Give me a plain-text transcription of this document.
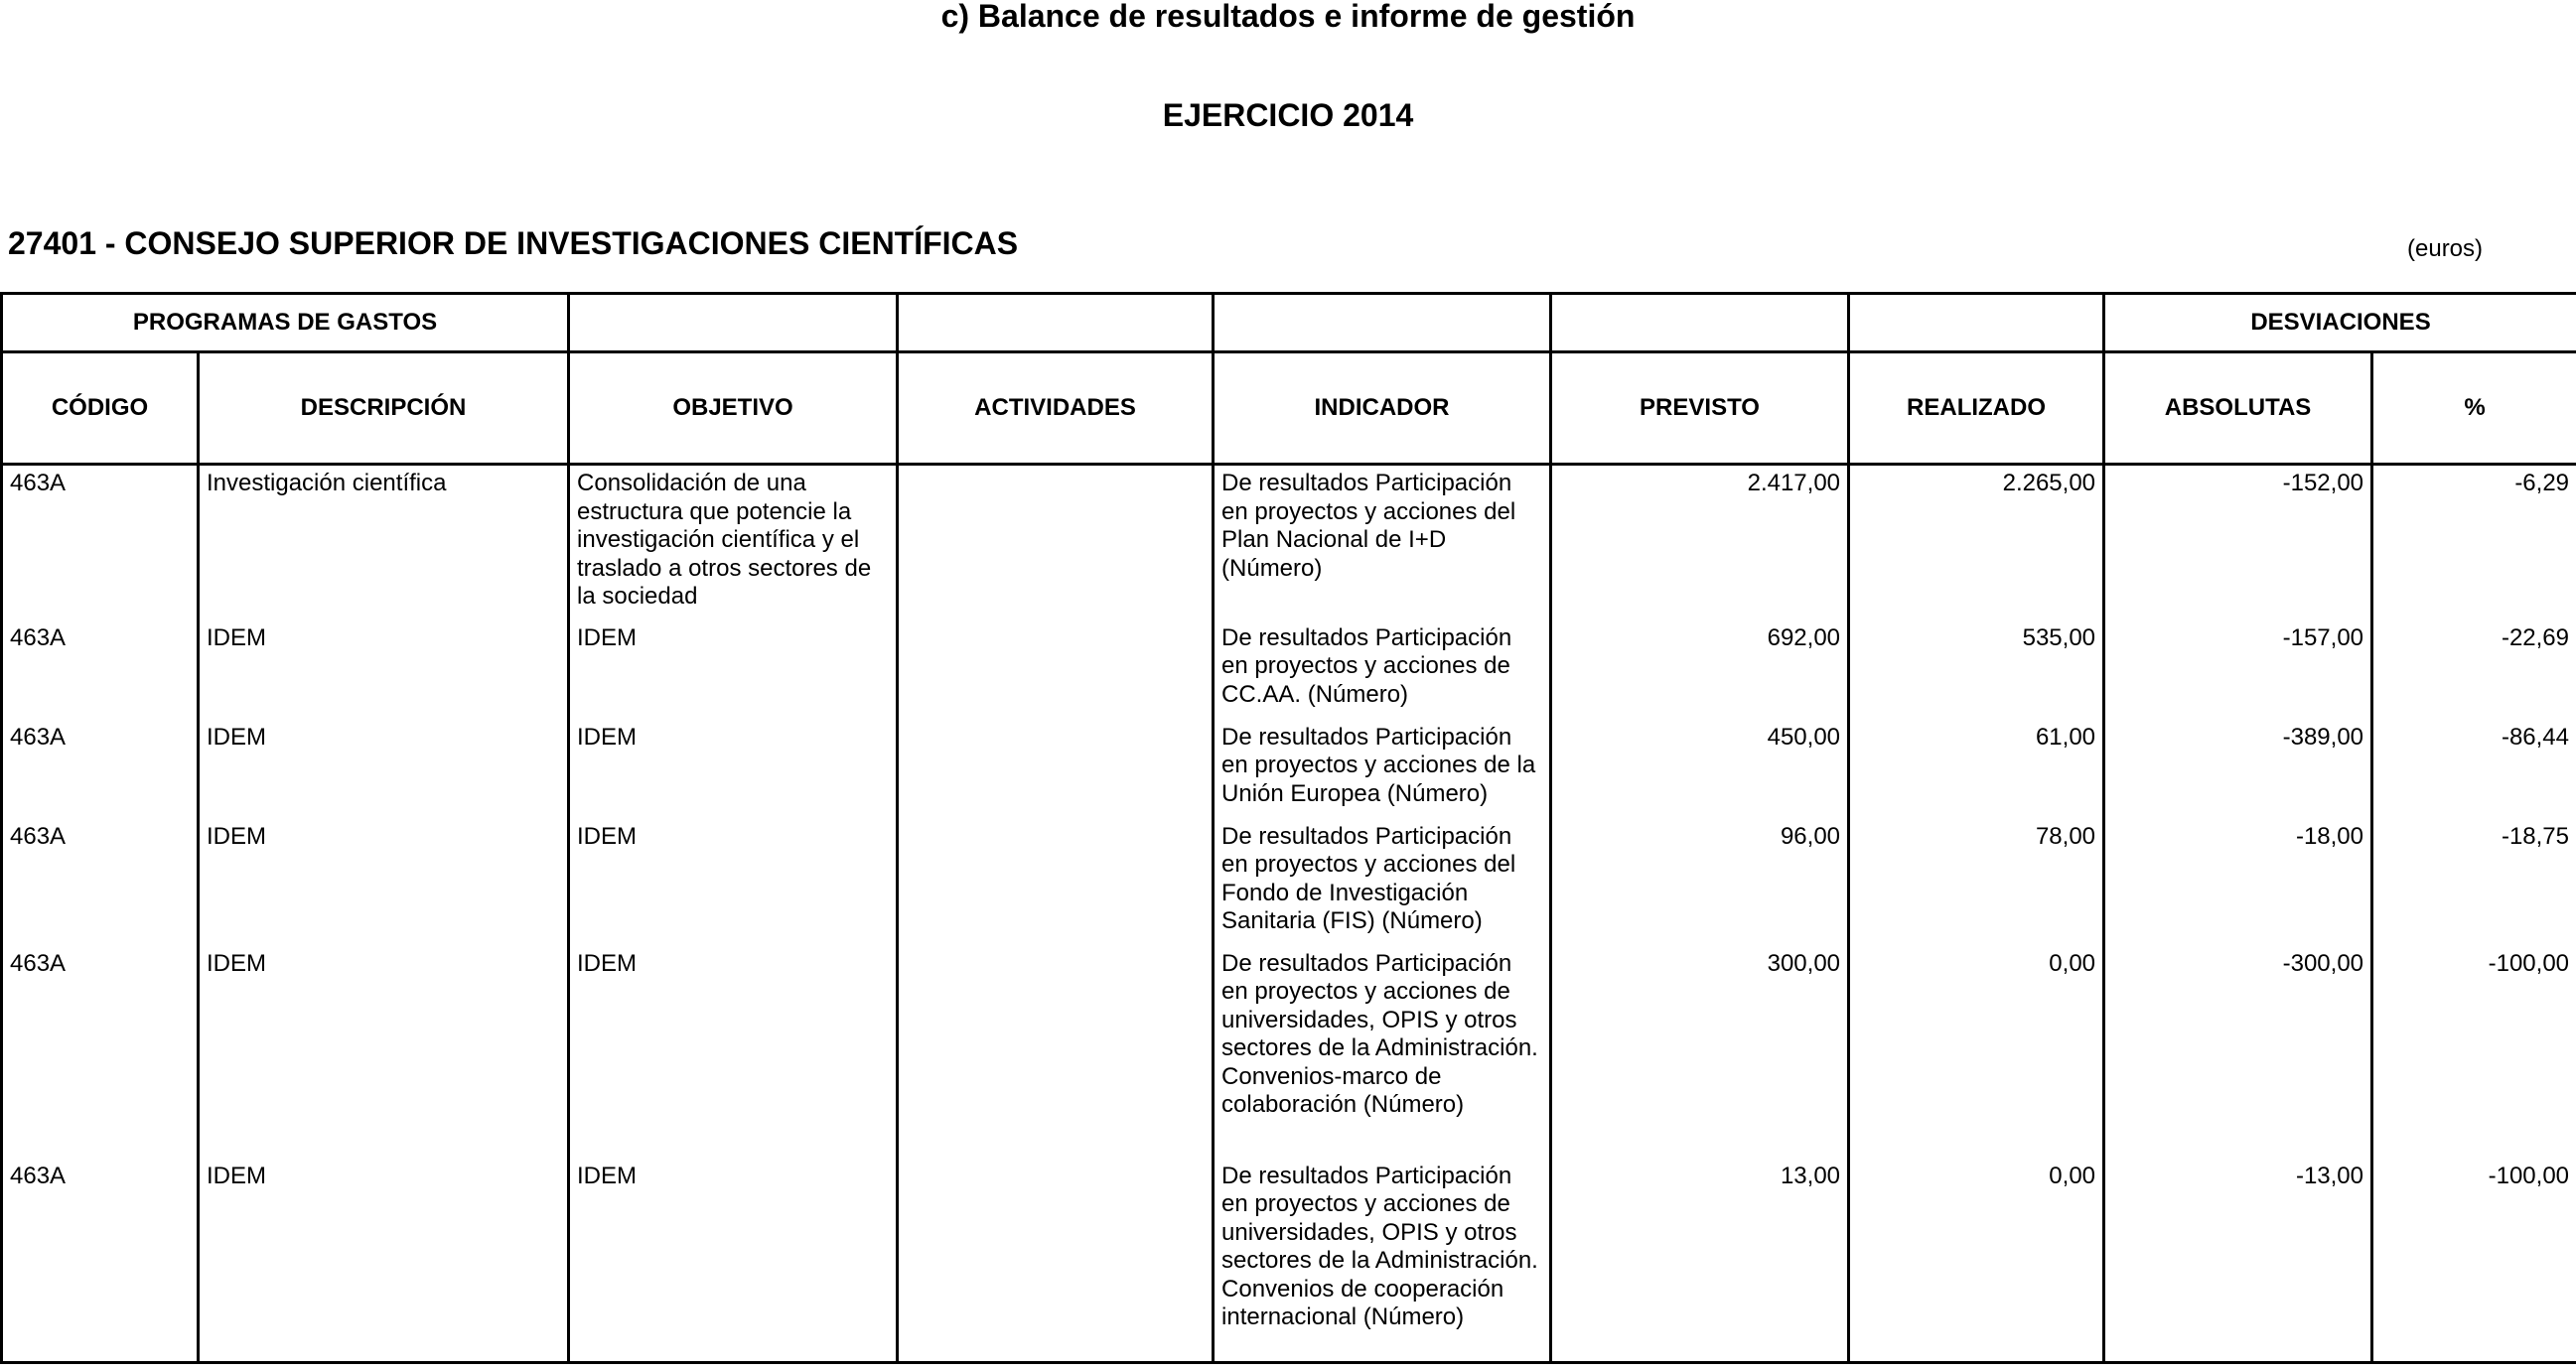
c) Balance de resultados e informe de gestión
EJERCICIO 2014
27401 - CONSEJO SUPERIOR DE INVESTIGACIONES CIENTÍFICAS	(euros)
PROGRAMAS DE GASTOS							DESVIACIONES	
CÓDIGO	DESCRIPCIÓN	OBJETIVO	ACTIVIDADES	INDICADOR	PREVISTO	REALIZADO	ABSOLUTAS	%
463A	Investigación científica	Consolidación de una estructura que potencie la investigación científica y el traslado a otros sectores de la sociedad		De resultados Participación en proyectos y acciones del Plan Nacional de I+D (Número)	2.417,00	2.265,00	-152,00	-6,29
463A	IDEM	IDEM		De resultados Participación en proyectos y acciones de CC.AA. (Número)	692,00	535,00	-157,00	-22,69
463A	IDEM	IDEM		De resultados Participación en proyectos y acciones de la Unión Europea (Número)	450,00	61,00	-389,00	-86,44
463A	IDEM	IDEM		De resultados Participación en proyectos y acciones del Fondo de Investigación Sanitaria (FIS) (Número)	96,00	78,00	-18,00	-18,75
463A	IDEM	IDEM		De resultados Participación en proyectos y acciones de universidades, OPIS y otros sectores de la Administración. Convenios-marco de colaboración (Número)	300,00	0,00	-300,00	-100,00
463A	IDEM	IDEM		De resultados Participación en proyectos y acciones de universidades, OPIS y otros sectores de la Administración. Convenios de cooperación internacional (Número)	13,00	0,00	-13,00	-100,00
